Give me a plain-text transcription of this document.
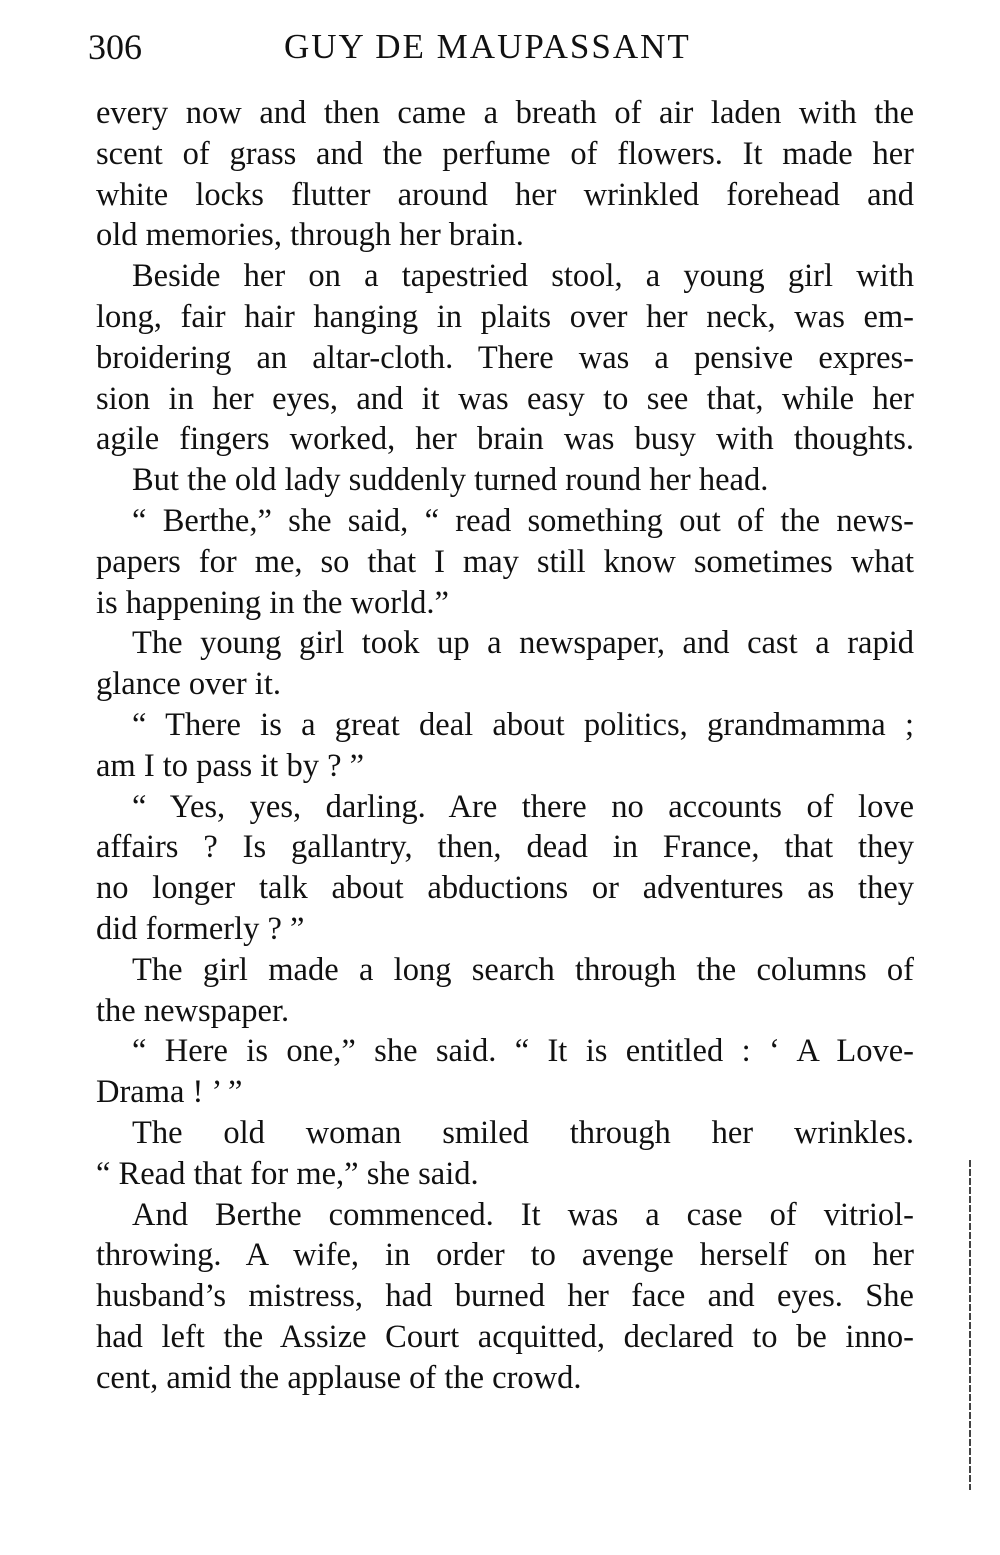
306	GUY DE MAUPASSANT
every now and then came a breath of air laden with the
scent of grass and the perfume of flowers. It made her
white locks flutter around her wrinkled forehead and
old memories, through her brain.
Beside her on a tapestried stool, a young girl with
long, fair hair hanging in plaits over her neck, was em-
broidering an altar-cloth. There was a pensive expres-
sion in her eyes, and it was easy to see that, while her
agile fingers worked, her brain was busy with thoughts.
But the old lady suddenly turned round her head.
“ Berthe,” she said, “ read something out of the news-
papers for me, so that I may still know sometimes what
is happening in the world.”
The young girl took up a newspaper, and cast a rapid
glance over it.
“ There is a great deal about politics, grandmamma ;
am I to pass it by ? ”
“ Yes, yes, darling. Are there no accounts of love
affairs ? Is gallantry, then, dead in France, that they
no longer talk about abductions or adventures as they
did formerly ? ”
The girl made a long search through the columns of
the newspaper.
“ Here is one,” she said. “ It is entitled : ‘ A Love-
Drama ! ’ ”
The old woman smiled through her wrinkles.
“ Read that for me,” she said.
And Berthe commenced. It was a case of vitriol-
throwing. A wife, in order to avenge herself on her
husband’s mistress, had burned her face and eyes. She
had left the Assize Court acquitted, declared to be inno-
cent, amid the applause of the crowd.
